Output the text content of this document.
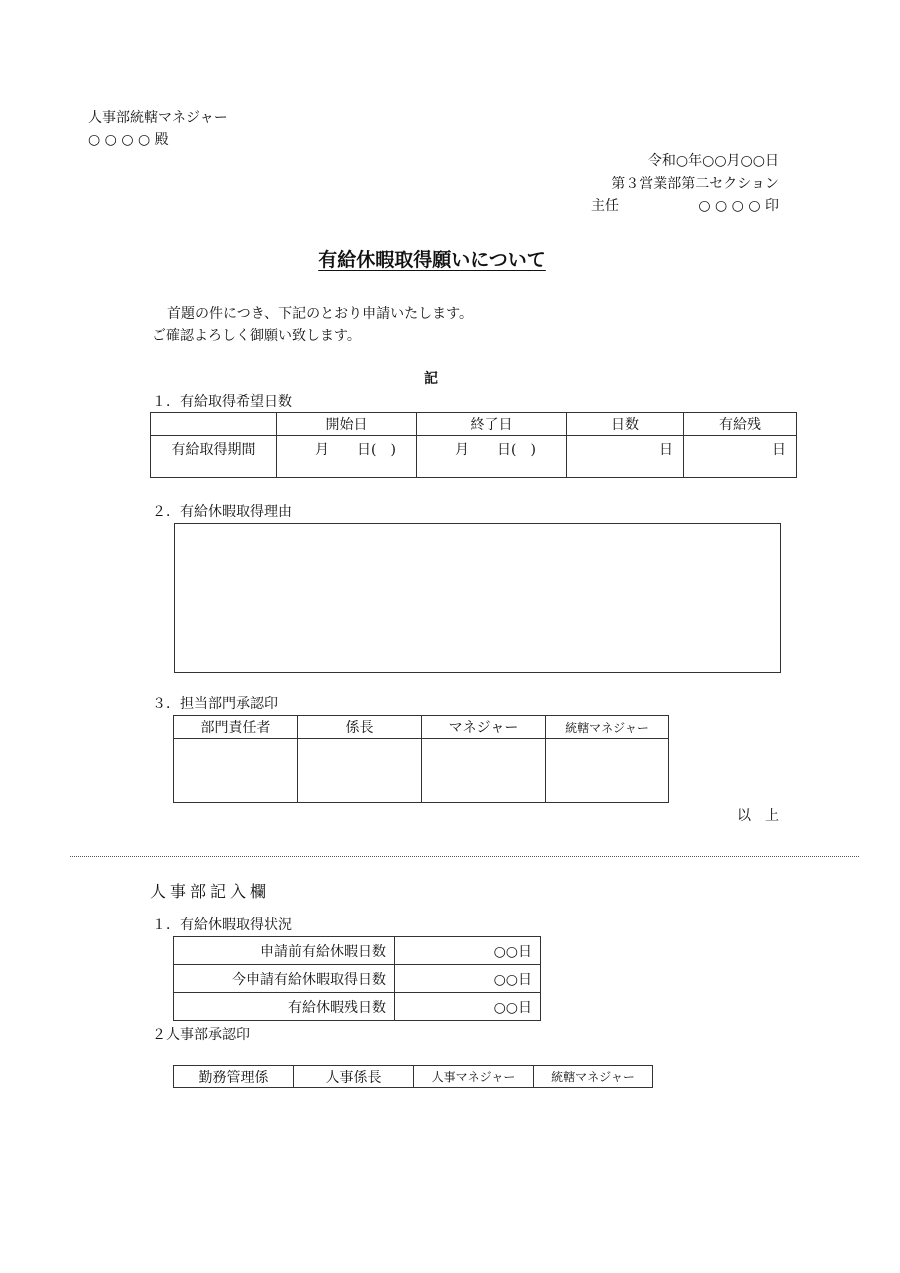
人事部統轄マネジャー
○ ○ ○ ○ 殿
令和○年○○月○○日
第３営業部第二セクション
主任	○ ○ ○ ○ 印
有給休暇取得願いについて
首題の件につき、下記のとおり申請いたします。
ご確認よろしく御願い致します。
記
１．有給取得希望日数
	開始日	終了日	日数	有給残
有給取得期間	月　　日(　)	月　　日(　)	日	日
２．有給休暇取得理由
３．担当部門承認印
部門責任者	係長	マネジャー	統轄マネジャー

以　上
人事部記入欄
１．有給休暇取得状況
申請前有給休暇日数	○○日
今申請有給休暇取得日数	○○日
有給休暇残日数	○○日
２人事部承認印
勤務管理係	人事係長	人事マネジャー	統轄マネジャー
